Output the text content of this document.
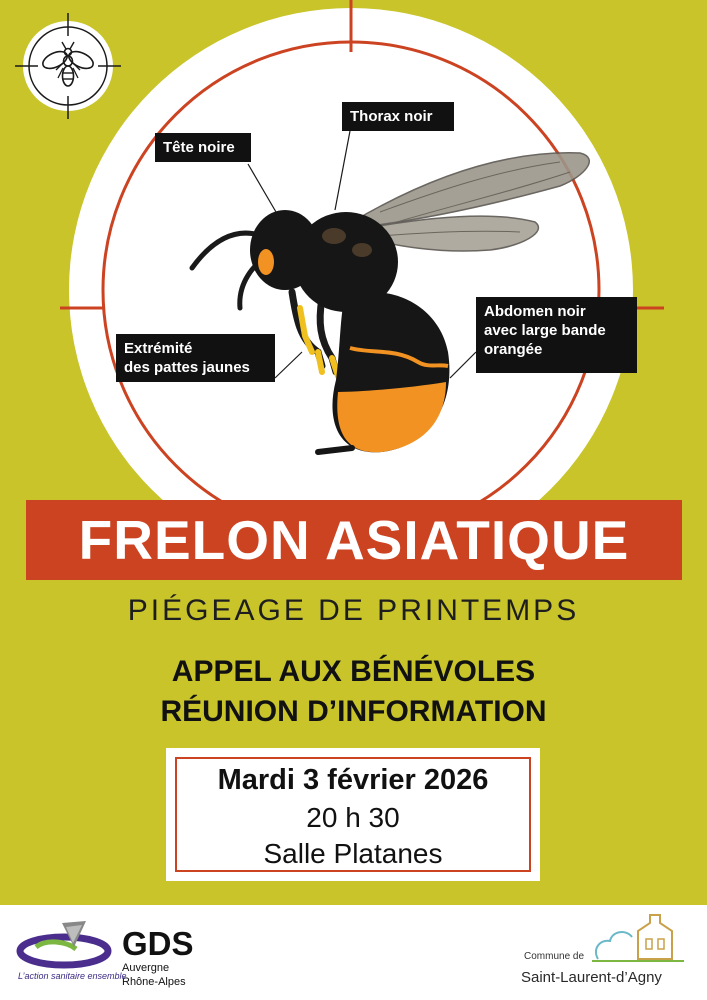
Tête noire
Thorax noir
Extrémité
des pattes jaunes
Abdomen noir
avec large bande
orangée
FRELON ASIATIQUE
PIÉGEAGE DE PRINTEMPS
APPEL AUX BÉNÉVOLES
RÉUNION D’INFORMATION
Mardi 3 février 2026
20 h 30
Salle Platanes
GDS
Auvergne
Rhône-Alpes
L’action sanitaire ensemble
Commune de
Saint-Laurent-d’Agny
